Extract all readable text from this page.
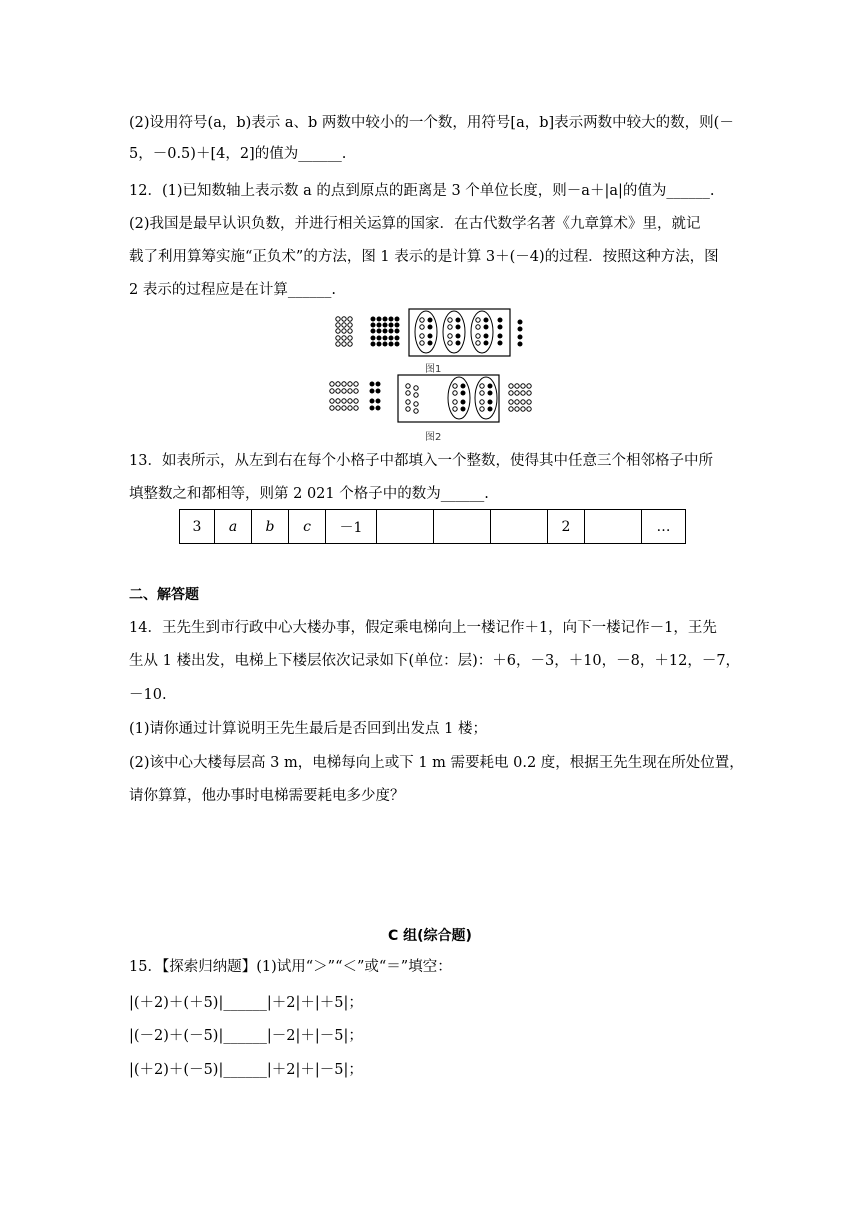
(2)设用符号(a，b)表示 a、b 两数中较小的一个数，用符号[a，b]表示两数中较大的数，则(－
5，－0.5)＋[4，2]的值为______.
12．(1)已知数轴上表示数 a 的点到原点的距离是 3 个单位长度，则－a＋|a|的值为______.
(2)我国是最早认识负数，并进行相关运算的国家．在古代数学名著《九章算术》里，就记
载了利用算筹实施“正负术”的方法，图 1 表示的是计算 3＋(－4)的过程．按照这种方法，图
2 表示的过程应是在计算______.
图1
图2
13．如表所示，从左到右在每个小格子中都填入一个整数，使得其中任意三个相邻格子中所
填整数之和都相等，则第 2 021 个格子中的数为______.
3	a	b	c	－1				2		…
二、解答题
14．王先生到市行政中心大楼办事，假定乘电梯向上一楼记作＋1，向下一楼记作－1，王先
生从 1 楼出发，电梯上下楼层依次记录如下(单位：层)：＋6，－3，＋10，－8，＋12，－7，
－10.
(1)请你通过计算说明王先生最后是否回到出发点 1 楼；
(2)该中心大楼每层高 3 m，电梯每向上或下 1 m 需要耗电 0.2 度，根据王先生现在所处位置，
请你算算，他办事时电梯需要耗电多少度？
C 组(综合题)
15．【探索归纳题】(1)试用“＞”“＜”或“＝”填空：
|(＋2)＋(＋5)|______|＋2|＋|＋5|；
|(－2)＋(－5)|______|－2|＋|－5|；
|(＋2)＋(－5)|______|＋2|＋|－5|；
